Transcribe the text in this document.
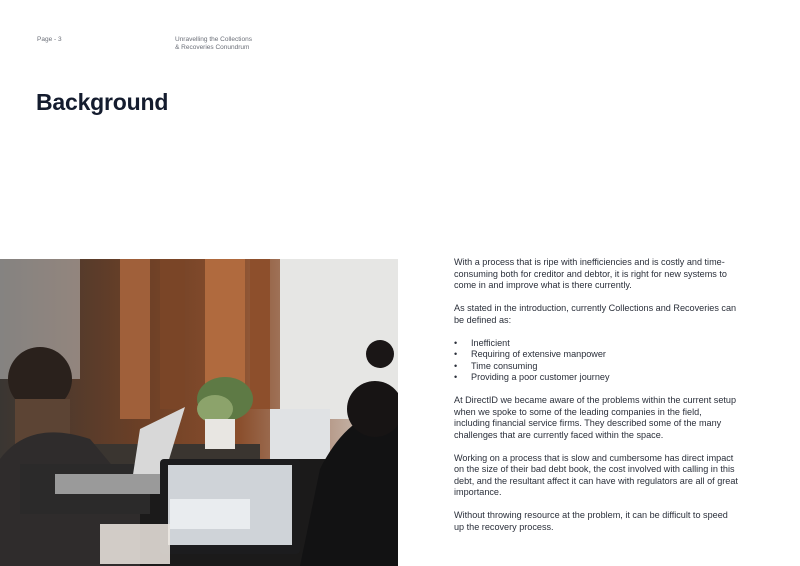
Page - 3	Unravelling the Collections
& Recoveries Conundrum
Background

With a process that is ripe with inefficiencies and is costly and time-consuming both for creditor and debtor, it is right for new systems to come in and improve what is there currently.

As stated in the introduction, currently Collections and Recoveries can be defined as:

• Inefficient
• Requiring of extensive manpower
• Time consuming
• Providing a poor customer journey

At DirectID we became aware of the problems within the current setup when we spoke to some of the leading companies in the field, including financial service firms. They described some of the many challenges that are currently faced within the space.

Working on a process that is slow and cumbersome has direct impact on the size of their bad debt book, the cost involved with calling in this debt, and the resultant affect it can have with regulators are all of great importance.

Without throwing resource at the problem, it can be difficult to speed up the recovery process.
